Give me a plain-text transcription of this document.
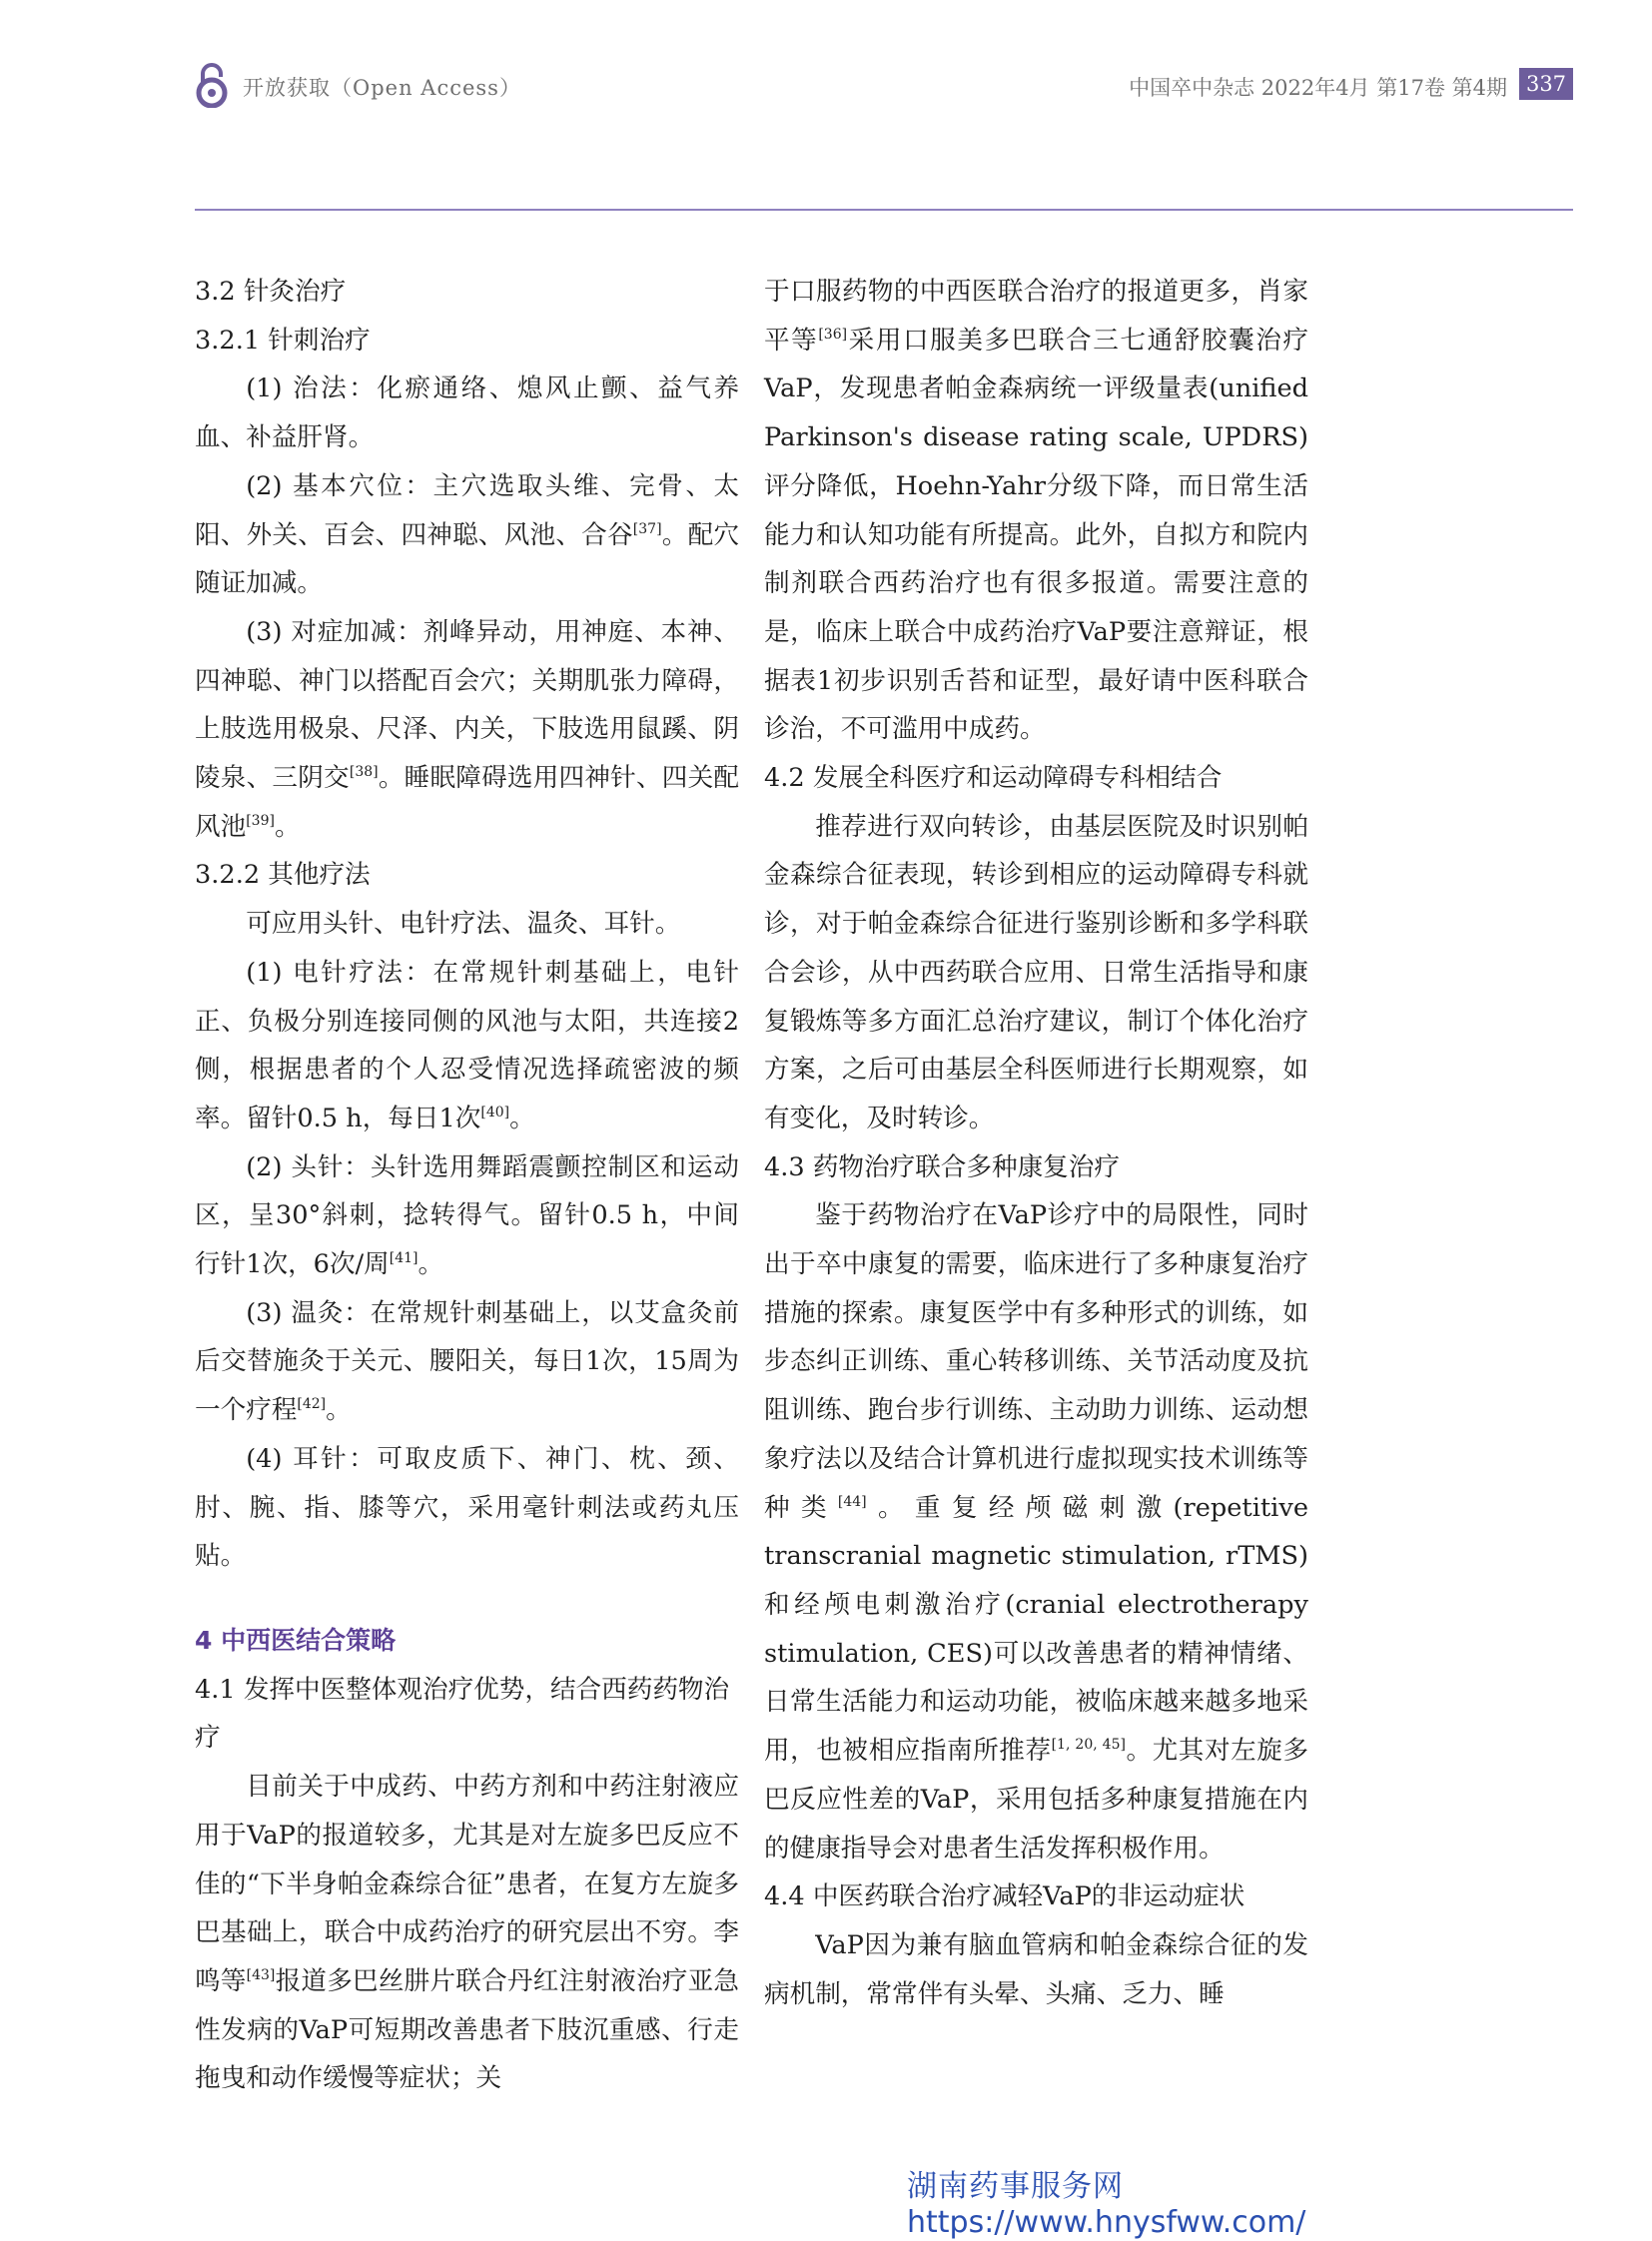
开放获取（Open Access）	中国卒中杂志 2022年4月 第17卷 第4期 337

3.2 针灸治疗

3.2.1 针刺治疗

(1) 治法：化瘀通络、熄风止颤、益气养血、补益肝肾。

(2) 基本穴位：主穴选取头维、完骨、太阳、外关、百会、四神聪、风池、合谷[37]。配穴随证加减。

(3) 对症加减：剂峰异动，用神庭、本神、四神聪、神门以搭配百会穴；关期肌张力障碍，上肢选用极泉、尺泽、内关，下肢选用鼠蹊、阴陵泉、三阴交[38]。睡眠障碍选用四神针、四关配风池[39]。

3.2.2 其他疗法

可应用头针、电针疗法、温灸、耳针。

(1) 电针疗法：在常规针刺基础上，电针正、负极分别连接同侧的风池与太阳，共连接2侧，根据患者的个人忍受情况选择疏密波的频率。留针0.5 h，每日1次[40]。

(2) 头针：头针选用舞蹈震颤控制区和运动区，呈30°斜刺，捻转得气。留针0.5 h，中间行针1次，6次/周[41]。

(3) 温灸：在常规针刺基础上，以艾盒灸前后交替施灸于关元、腰阳关，每日1次，15周为一个疗程[42]。

(4) 耳针：可取皮质下、神门、枕、颈、肘、腕、指、膝等穴，采用毫针刺法或药丸压贴。

4 中西医结合策略

4.1 发挥中医整体观治疗优势，结合西药药物治疗

目前关于中成药、中药方剂和中药注射液应用于VaP的报道较多，尤其是对左旋多巴反应不佳的“下半身帕金森综合征”患者，在复方左旋多巴基础上，联合中成药治疗的研究层出不穷。李鸣等[43]报道多巴丝肼片联合丹红注射液治疗亚急性发病的VaP可短期改善患者下肢沉重感、行走拖曳和动作缓慢等症状；关

于口服药物的中西医联合治疗的报道更多，肖家平等[36]采用口服美多巴联合三七通舒胶囊治疗VaP，发现患者帕金森病统一评级量表(unified Parkinson's disease rating scale, UPDRS) 评分降低，Hoehn-Yahr分级下降，而日常生活能力和认知功能有所提高。此外，自拟方和院内制剂联合西药治疗也有很多报道。需要注意的是，临床上联合中成药治疗VaP要注意辩证，根据表1初步识别舌苔和证型，最好请中医科联合诊治，不可滥用中成药。

4.2 发展全科医疗和运动障碍专科相结合

推荐进行双向转诊，由基层医院及时识别帕金森综合征表现，转诊到相应的运动障碍专科就诊，对于帕金森综合征进行鉴别诊断和多学科联合会诊，从中西药联合应用、日常生活指导和康复锻炼等多方面汇总治疗建议，制订个体化治疗方案，之后可由基层全科医师进行长期观察，如有变化，及时转诊。

4.3 药物治疗联合多种康复治疗

鉴于药物治疗在VaP诊疗中的局限性，同时出于卒中康复的需要，临床进行了多种康复治疗措施的探索。康复医学中有多种形式的训练，如步态纠正训练、重心转移训练、关节活动度及抗阻训练、跑台步行训练、主动助力训练、运动想象疗法以及结合计算机进行虚拟现实技术训练等种类[44]。重复经颅磁刺激(repetitive transcranial magnetic stimulation, rTMS) 和经颅电刺激治疗(cranial electrotherapy stimulation, CES)可以改善患者的精神情绪、日常生活能力和运动功能，被临床越来越多地采用，也被相应指南所推荐[1, 20, 45]。尤其对左旋多巴反应性差的VaP，采用包括多种康复措施在内的健康指导会对患者生活发挥积极作用。

4.4 中医药联合治疗减轻VaP的非运动症状

VaP因为兼有脑血管病和帕金森综合征的发病机制，常常伴有头晕、头痛、乏力、睡

湖南药事服务网
https://www.hnysfww.com/
